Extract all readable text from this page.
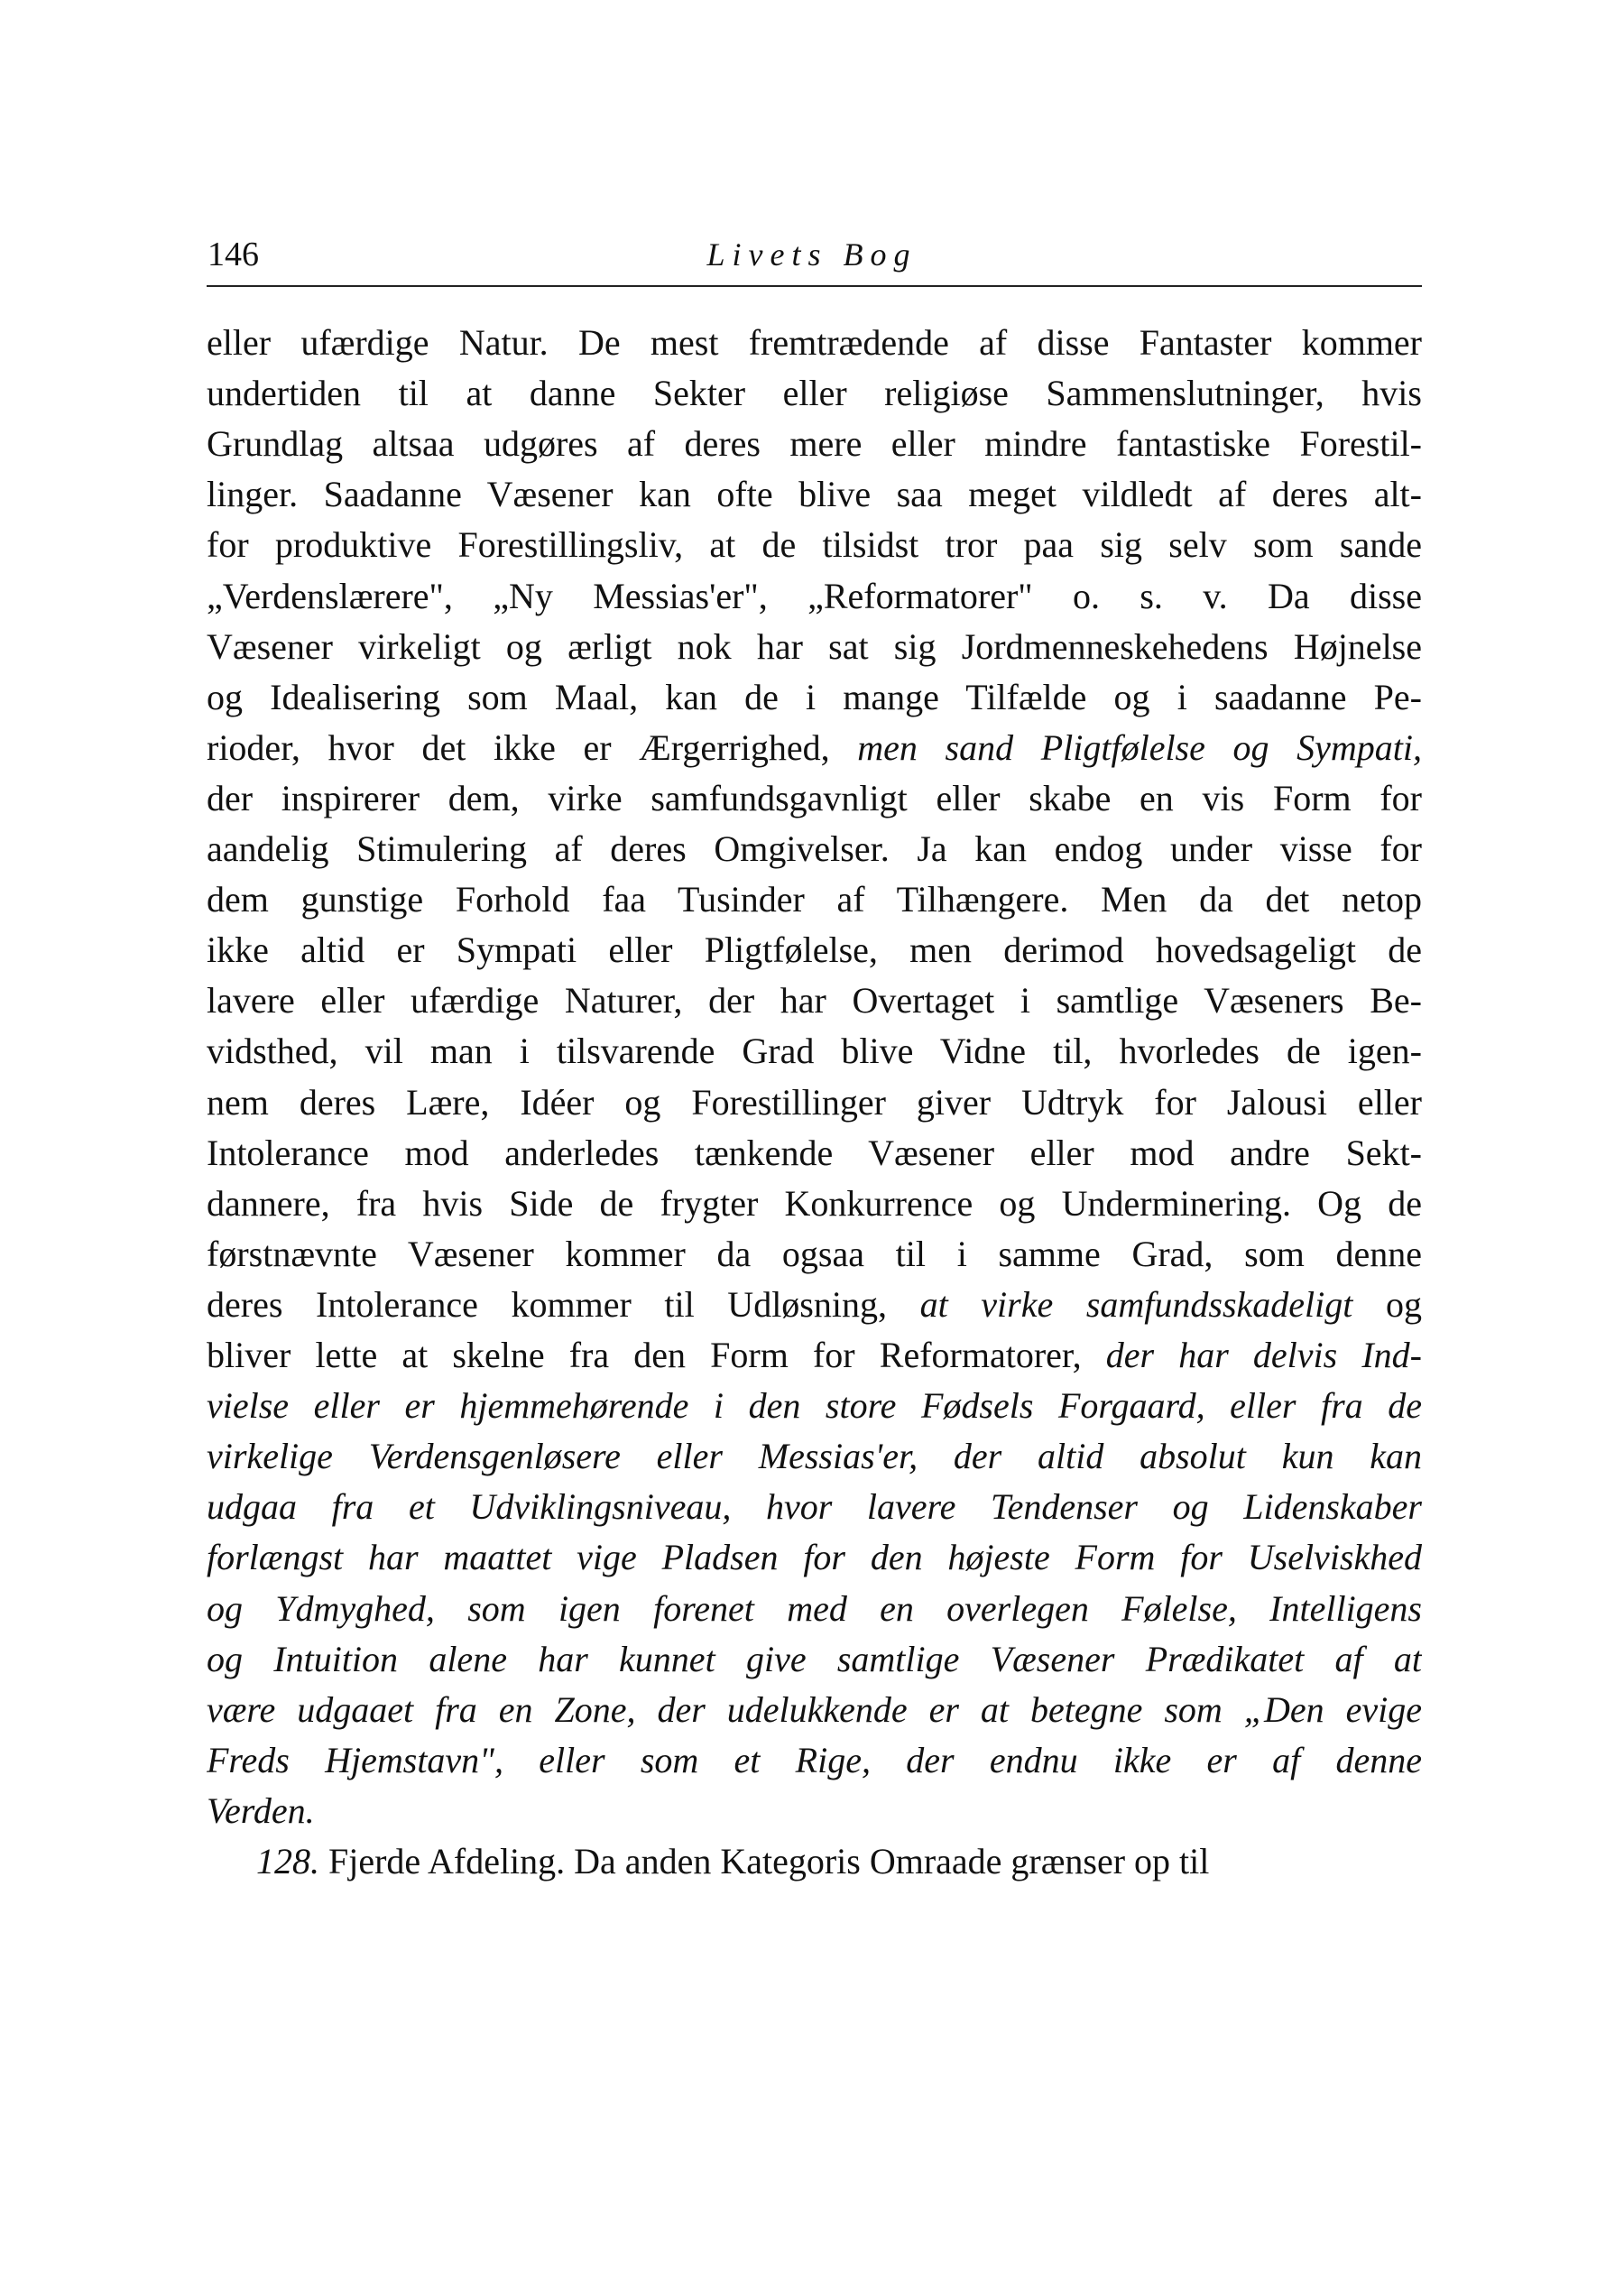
146	Livets Bog
eller ufærdige Natur. De mest fremtrædende af disse Fantaster kommer
undertiden til at danne Sekter eller religiøse Sammenslutninger, hvis
Grundlag altsaa udgøres af deres mere eller mindre fantastiske Forestil-
linger. Saadanne Væsener kan ofte blive saa meget vildledt af deres alt-
for produktive Forestillingsliv, at de tilsidst tror paa sig selv som sande
„Verdenslærere", „Ny Messias'er", „Reformatorer" o. s. v. Da disse
Væsener virkeligt og ærligt nok har sat sig Jordmenneskehedens Højnelse
og Idealisering som Maal, kan de i mange Tilfælde og i saadanne Pe-
rioder, hvor det ikke er Ærgerrighed, men sand Pligtfølelse og Sympati,
der inspirerer dem, virke samfundsgavnligt eller skabe en vis Form for
aandelig Stimulering af deres Omgivelser. Ja kan endog under visse for
dem gunstige Forhold faa Tusinder af Tilhængere. Men da det netop
ikke altid er Sympati eller Pligtfølelse, men derimod hovedsageligt de
lavere eller ufærdige Naturer, der har Overtaget i samtlige Væseners Be-
vidsthed, vil man i tilsvarende Grad blive Vidne til, hvorledes de igen-
nem deres Lære, Idéer og Forestillinger giver Udtryk for Jalousi eller
Intolerance mod anderledes tænkende Væsener eller mod andre Sekt-
dannere, fra hvis Side de frygter Konkurrence og Underminering. Og de
førstnævnte Væsener kommer da ogsaa til i samme Grad, som denne
deres Intolerance kommer til Udløsning, at virke samfundsskadeligt og
bliver lette at skelne fra den Form for Reformatorer, der har delvis Ind-
vielse eller er hjemmehørende i den store Fødsels Forgaard, eller fra de
virkelige Verdensgenløsere eller Messias'er, der altid absolut kun kan
udgaa fra et Udviklingsniveau, hvor lavere Tendenser og Lidenskaber
forlængst har maattet vige Pladsen for den højeste Form for Uselviskhed
og Ydmyghed, som igen forenet med en overlegen Følelse, Intelligens
og Intuition alene har kunnet give samtlige Væsener Prædikatet af at
være udgaaet fra en Zone, der udelukkende er at betegne som „Den evige
Freds Hjemstavn", eller som et Rige, der endnu ikke er af denne
Verden.
128. Fjerde Afdeling. Da anden Kategoris Omraade grænser op til
